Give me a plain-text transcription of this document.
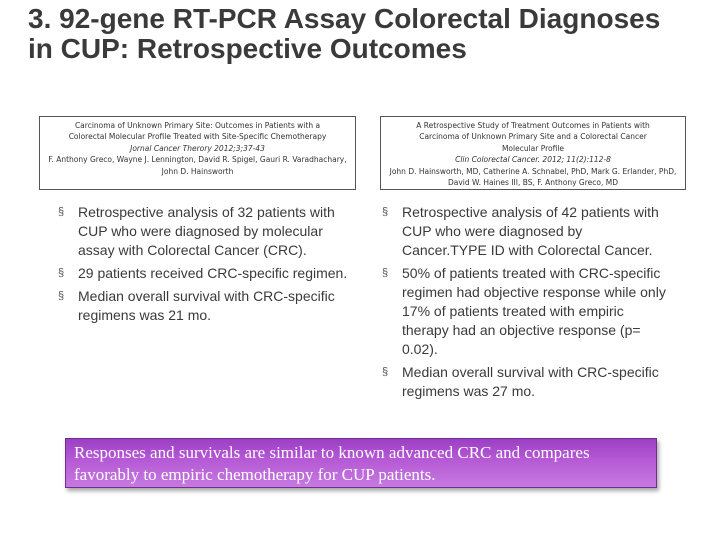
3. 92-gene RT-PCR Assay Colorectal Diagnoses in CUP: Retrospective Outcomes
Carcinoma of Unknown Primary Site: Outcomes in Patients with a
Colorectal Molecular Profile Treated with Site-Specific Chemotherapy
Jornal Cancer Therory 2012;3;37-43
F. Anthony Greco, Wayne J. Lennington, David R. Spigel, Gauri R. Varadhachary, John D. Hainsworth
A Retrospective Study of Treatment Outcomes in Patients with
Carcinoma of Unknown Primary Site and a Colorectal Cancer
Molecular Profile
Clin Colorectal Cancer. 2012; 11(2):112-8
John D. Hainsworth, MD, Catherine A. Schnabel, PhD, Mark G. Erlander, PhD, David W. Haines III, BS, F. Anthony Greco, MD
§ Retrospective analysis of 32 patients with CUP who were diagnosed by molecular assay with Colorectal Cancer (CRC).
§ 29 patients received CRC-specific regimen.
§ Median overall survival with CRC-specific regimens was 21 mo.
§ Retrospective analysis of 42 patients with CUP who were diagnosed by Cancer.TYPE ID with Colorectal Cancer.
§ 50% of patients treated with CRC-specific regimen had objective response while only 17% of patients treated with empiric therapy had an objective response (p= 0.02).
§ Median overall survival with CRC-specific regimens was 27 mo.
Responses and survivals are similar to known advanced CRC and compares favorably to empiric chemotherapy for CUP patients.
